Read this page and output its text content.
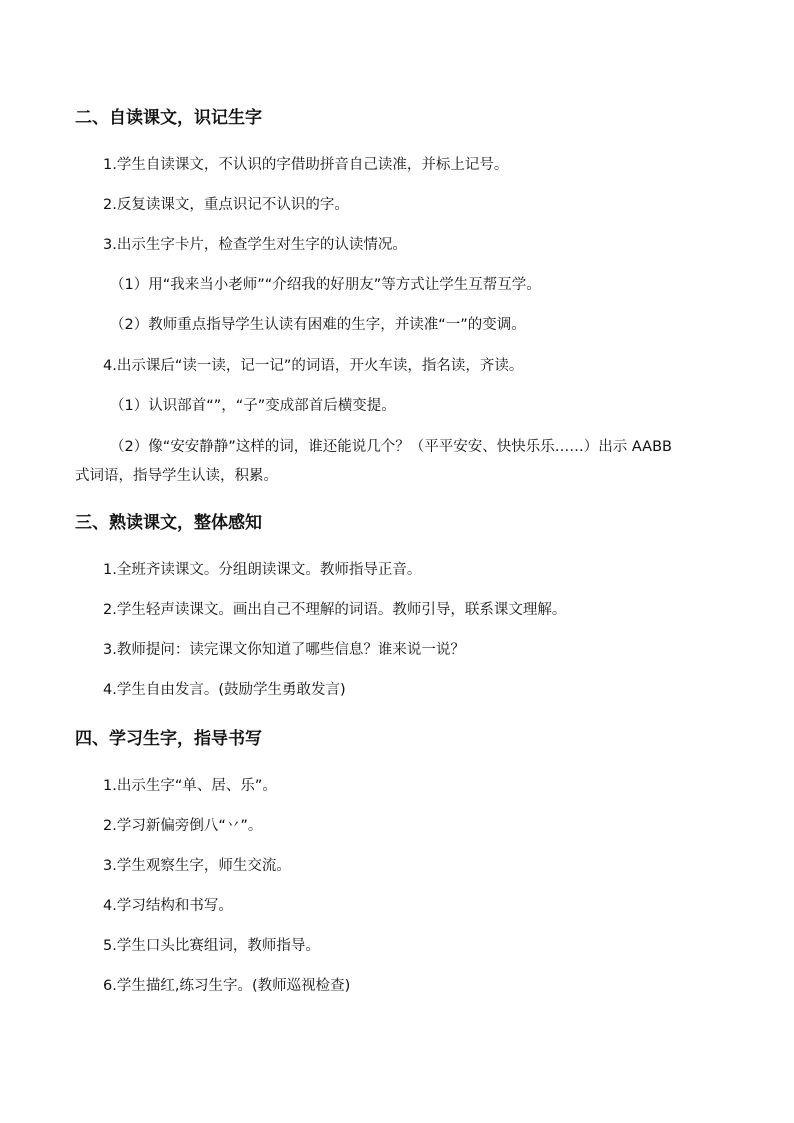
二、自读课文，识记生字
1.学生自读课文，不认识的字借助拼音自己读准，并标上记号。
2.反复读课文，重点识记不认识的字。
3.出示生字卡片，检查学生对生字的认读情况。
（1）用“我来当小老师”“介绍我的好朋友”等方式让学生互帮互学。
（2）教师重点指导学生认读有困难的生字，并读准“一”的变调。
4.出示课后“读一读，记一记”的词语，开火车读，指名读，齐读。
（1）认识部首“”，“子”变成部首后横变提。
（2）像“安安静静”这样的词，谁还能说几个？（平平安安、快快乐乐……）出示 AABB
式词语，指导学生认读，积累。
三、熟读课文，整体感知
1.全班齐读课文。分组朗读课文。教师指导正音。
2.学生轻声读课文。画出自己不理解的词语。教师引导，联系课文理解。
3.教师提问：读完课文你知道了哪些信息？谁来说一说？
4.学生自由发言。(鼓励学生勇敢发言)
四、学习生字，指导书写
1.出示生字“单、居、乐”。
2.学习新偏旁倒八“丷”。
3.学生观察生字，师生交流。
4.学习结构和书写。
5.学生口头比赛组词，教师指导。
6.学生描红,练习生字。(教师巡视检查)
